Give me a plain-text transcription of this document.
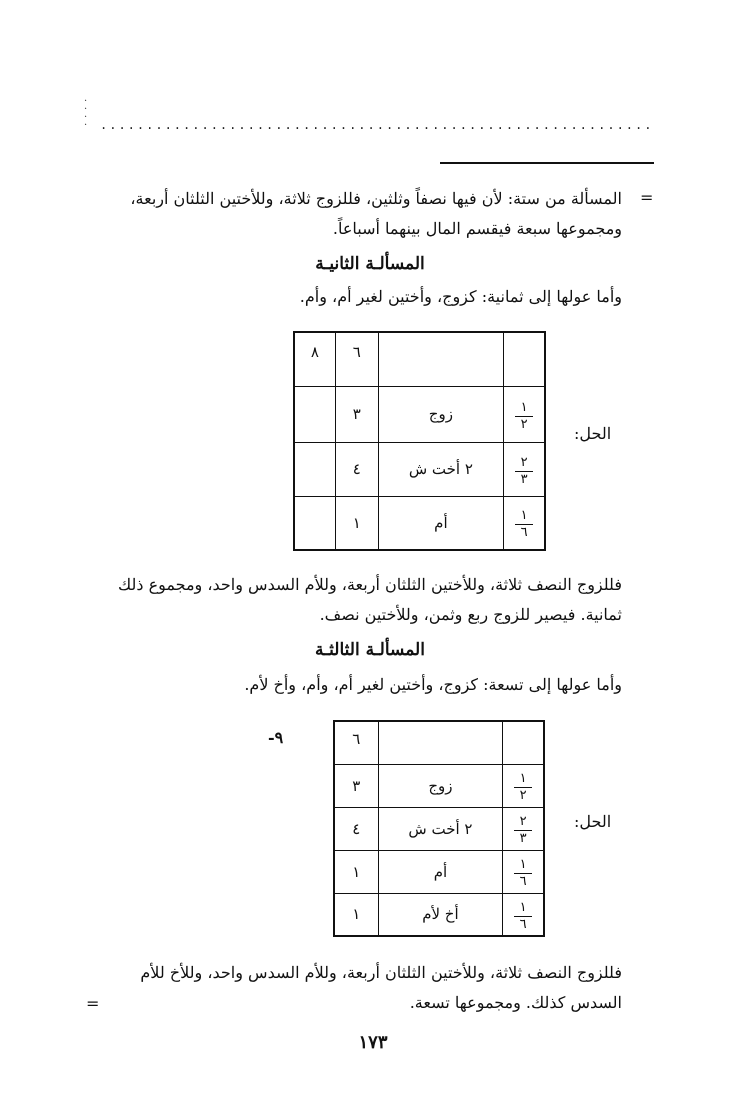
·
·
·
· ............................................................
=
المسألة من ستة: لأن فيها نصفاً وثلثين، فللزوج ثلاثة، وللأختين الثلثان أربعة،
ومجموعها سبعة فيقسم المال بينهما أسباعاً.
المسألـة الثانيـة
وأما عولها إلى ثمانية: كزوج، وأختين لغير أم، وأم.
الحل:
		٦	٨

$\frac{١}{٢}$	زوج	٣	

$\frac{٢}{٣}$	٢ أخت ش	٤	

$\frac{١}{٦}$	أم	١	
فللزوج النصف ثلاثة، وللأختين الثلثان أربعة، وللأم السدس واحد، ومجموع ذلك
ثمانية. فيصير للزوج ربع وثمن، وللأختين نصف.
المسألـة الثالثـة
وأما عولها إلى تسعة: كزوج، وأختين لغير أم، وأم، وأخ لأم.
٩-
الحل:
		٦

$\frac{١}{٢}$	زوج	٣

$\frac{٢}{٣}$	٢ أخت ش	٤

$\frac{١}{٦}$	أم	١

$\frac{١}{٦}$	أخ لأم	١
فللزوج النصف ثلاثة، وللأختين الثلثان أربعة، وللأم السدس واحد، وللأخ للأم
السدس كذلك. ومجموعها تسعة.
=
١٧٣
